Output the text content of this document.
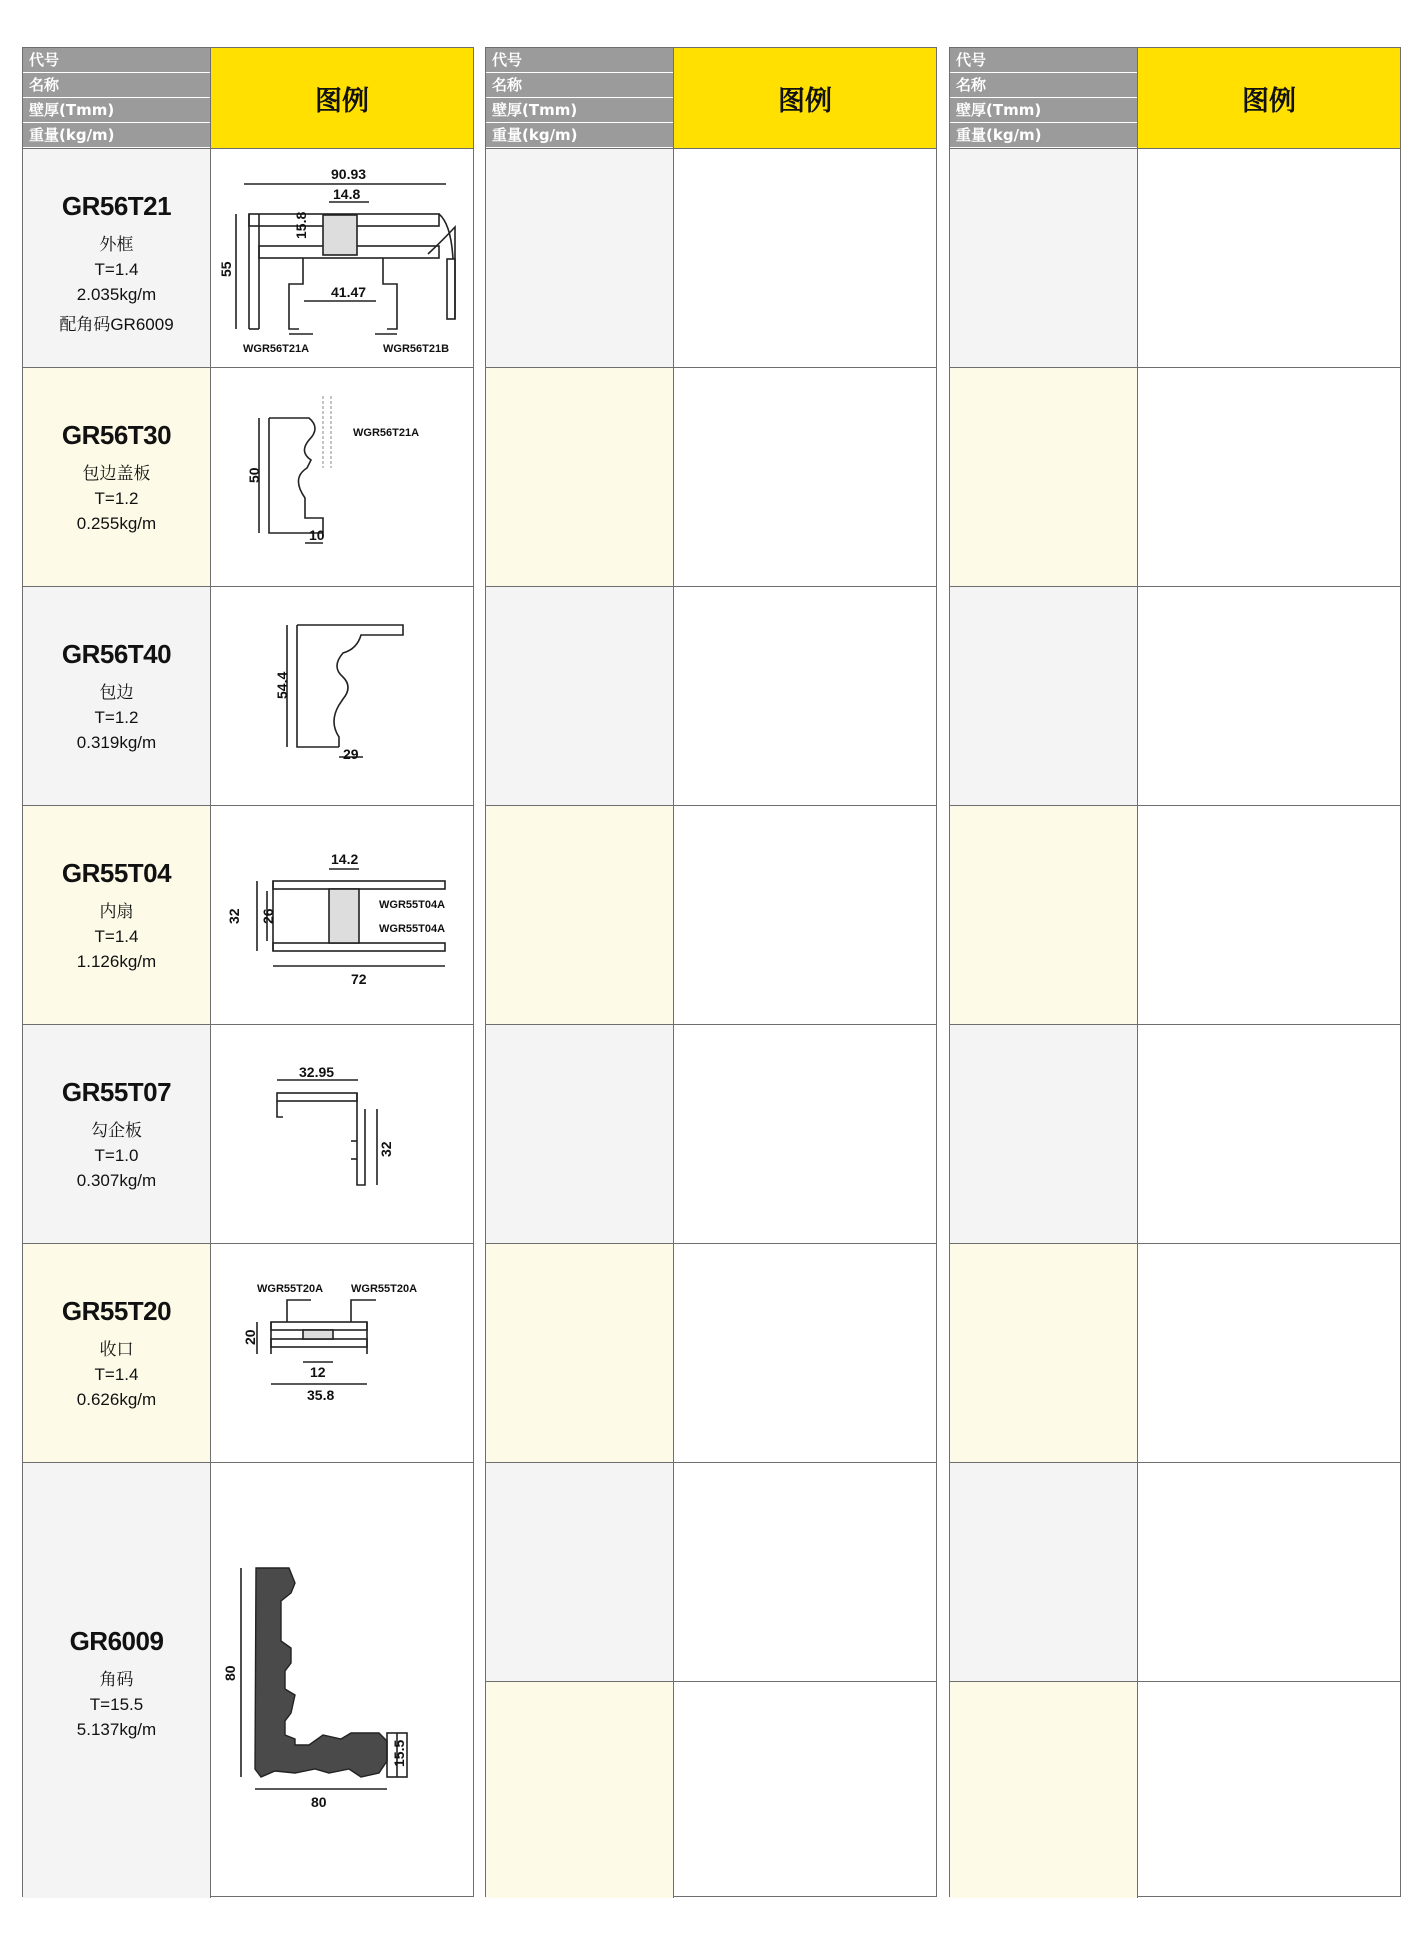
代号
名称
壁厚(Tmm)
重量(kg/m)
图例
GR56T21
外框
T=1.4
2.035kg/m
配角码GR6009
90.93
14.8
55
15.8
41.47
WGR56T21A	WGR56T21B
GR56T30
包边盖板
T=1.2
0.255kg/m
50
10
WGR56T21A
GR56T40
包边
T=1.2
0.319kg/m
54.4
29
GR55T04
内扇
T=1.4
1.126kg/m
14.2
32 26
72
WGR55T04A
WGR55T04A
GR55T07
勾企板
T=1.0
0.307kg/m
32.95
32
GR55T20
收口
T=1.4
0.626kg/m
20
12
35.8
WGR55T20A	WGR55T20A
GR6009
角码
T=15.5
5.137kg/m
80
80
15.5
代号
名称
壁厚(Tmm)
重量(kg/m)
图例
代号
名称
壁厚(Tmm)
重量(kg/m)
图例
